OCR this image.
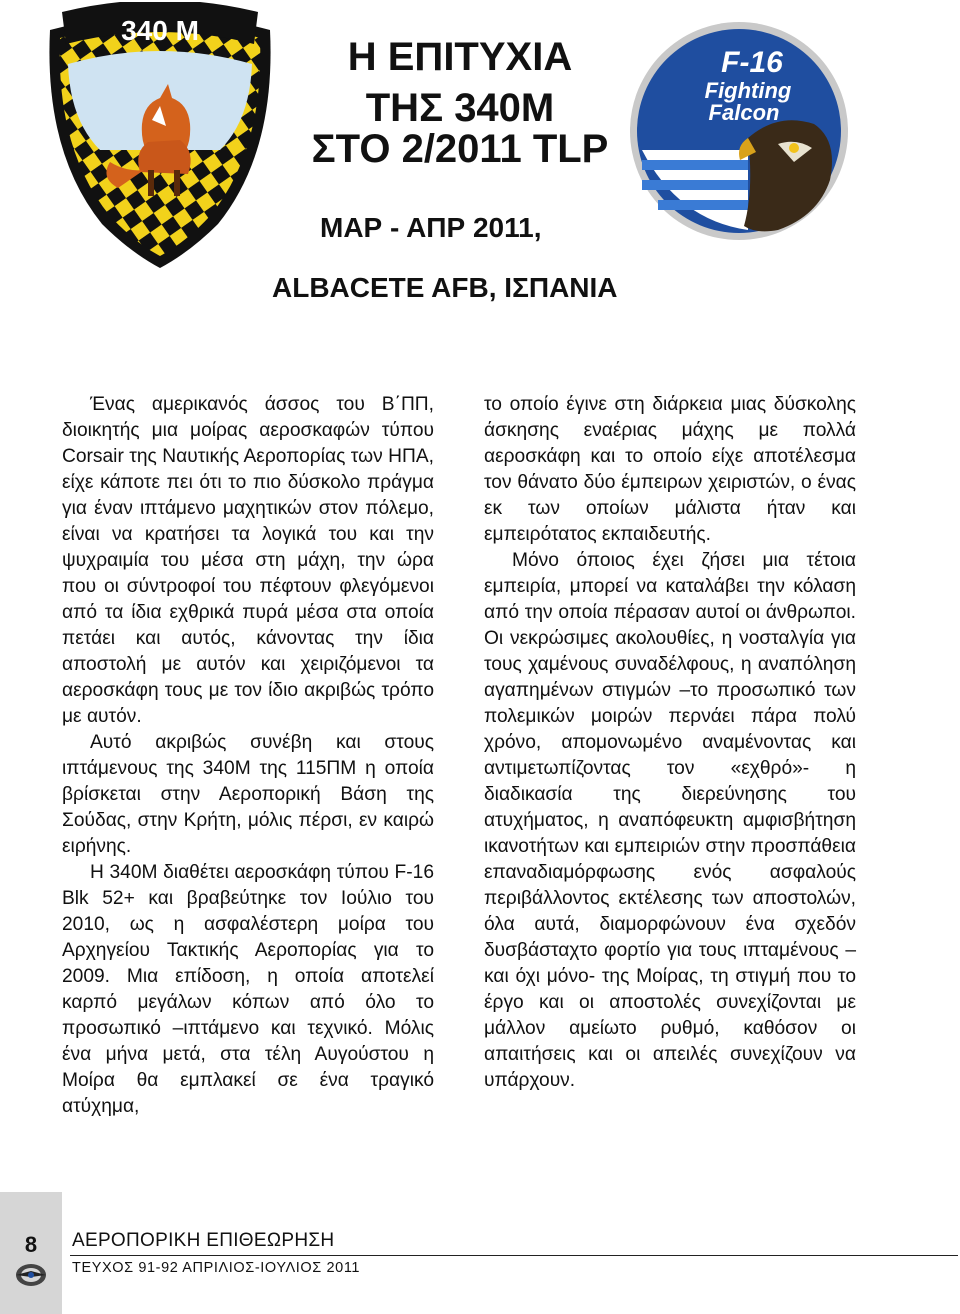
340 M
F-16
Fighting
Falcon
Η ΕΠΙΤΥΧΙΑ
ΤΗΣ 340Μ
ΣΤΟ 2/2011 TLP
ΜΑΡ - ΑΠΡ 2011,
ALBACETE AFB, ΙΣΠΑΝΙΑ

Ένας αμερικανός άσσος του Β΄ΠΠ, διοικητής μια μοίρας αεροσκαφών τύπου Corsair της Ναυτικής Αεροπορίας των ΗΠΑ, είχε κάποτε πει ότι το πιο δύσκολο πράγμα για έναν ιπτάμενο μαχητικών στον πόλεμο, είναι να κρατήσει τα λογικά του και την ψυχραιμία του μέσα στη μάχη, την ώρα που οι σύντροφοί του πέφτουν φλεγόμενοι από τα ίδια εχθρικά πυρά μέσα στα οποία πετάει και αυτός, κάνοντας την ίδια αποστολή με αυτόν και χειριζόμενοι τα αεροσκάφη τους με τον ίδιο ακριβώς τρόπο με αυτόν.

Αυτό ακριβώς συνέβη και στους ιπτάμενους της 340Μ της 115ΠΜ η οποία βρίσκεται στην Αεροπορική Βάση της Σούδας, στην Κρήτη, μόλις πέρσι, εν καιρώ ειρήνης.

Η 340Μ διαθέτει αεροσκάφη τύπου F-16 Blk 52+ και βραβεύτηκε τον Ιούλιο του 2010, ως η ασφαλέστερη μοίρα του Αρχηγείου Τακτικής Αεροπορίας για το 2009. Μια επίδοση, η οποία αποτελεί καρπό μεγάλων κόπων από όλο το προσωπικό –ιπτάμενο και τεχνικό. Μόλις ένα μήνα μετά, στα τέλη Αυγούστου η Μοίρα θα εμπλακεί σε ένα τραγικό ατύχημα,

το οποίο έγινε στη διάρκεια μιας δύσκολης άσκησης εναέριας μάχης με πολλά αεροσκάφη και το οποίο είχε αποτέλεσμα τον θάνατο δύο έμπειρων χειριστών, ο ένας εκ των οποίων μάλιστα ήταν και εμπειρότατος εκπαιδευτής.

Μόνο όποιος έχει ζήσει μια τέτοια εμπειρία, μπορεί να καταλάβει την κόλαση από την οποία πέρασαν αυτοί οι άνθρωποι. Οι νεκρώσιμες ακολουθίες, η νοσταλγία για τους χαμένους συναδέλφους, η αναπόληση αγαπημένων στιγμών –το προσωπικό των πολεμικών μοιρών περνάει πάρα πολύ χρόνο, απομονωμένο αναμένοντας και αντιμετωπίζοντας τον «εχθρό»- η διαδικασία της διερεύνησης του ατυχήματος, η αναπόφευκτη αμφισβήτηση ικανοτήτων και εμπειριών στην προσπάθεια επαναδιαμόρφωσης ενός ασφαλούς περιβάλλοντος εκτέλεσης των αποστολών, όλα αυτά, διαμορφώνουν ένα σχεδόν δυσβάσταχτο φορτίο για τους ιπταμένους –και όχι μόνο- της Μοίρας, τη στιγμή που το έργο και οι αποστολές συνεχίζονται με μάλλον αμείωτο ρυθμό, καθόσον οι απαιτήσεις και οι απειλές συνεχίζουν να υπάρχουν.

8	ΑΕΡΟΠΟΡΙΚΗ ΕΠΙΘΕΩΡΗΣΗ
ΤΕΥΧΟΣ 91-92 ΑΠΡΙΛΙΟΣ-ΙΟΥΛΙΟΣ 2011
